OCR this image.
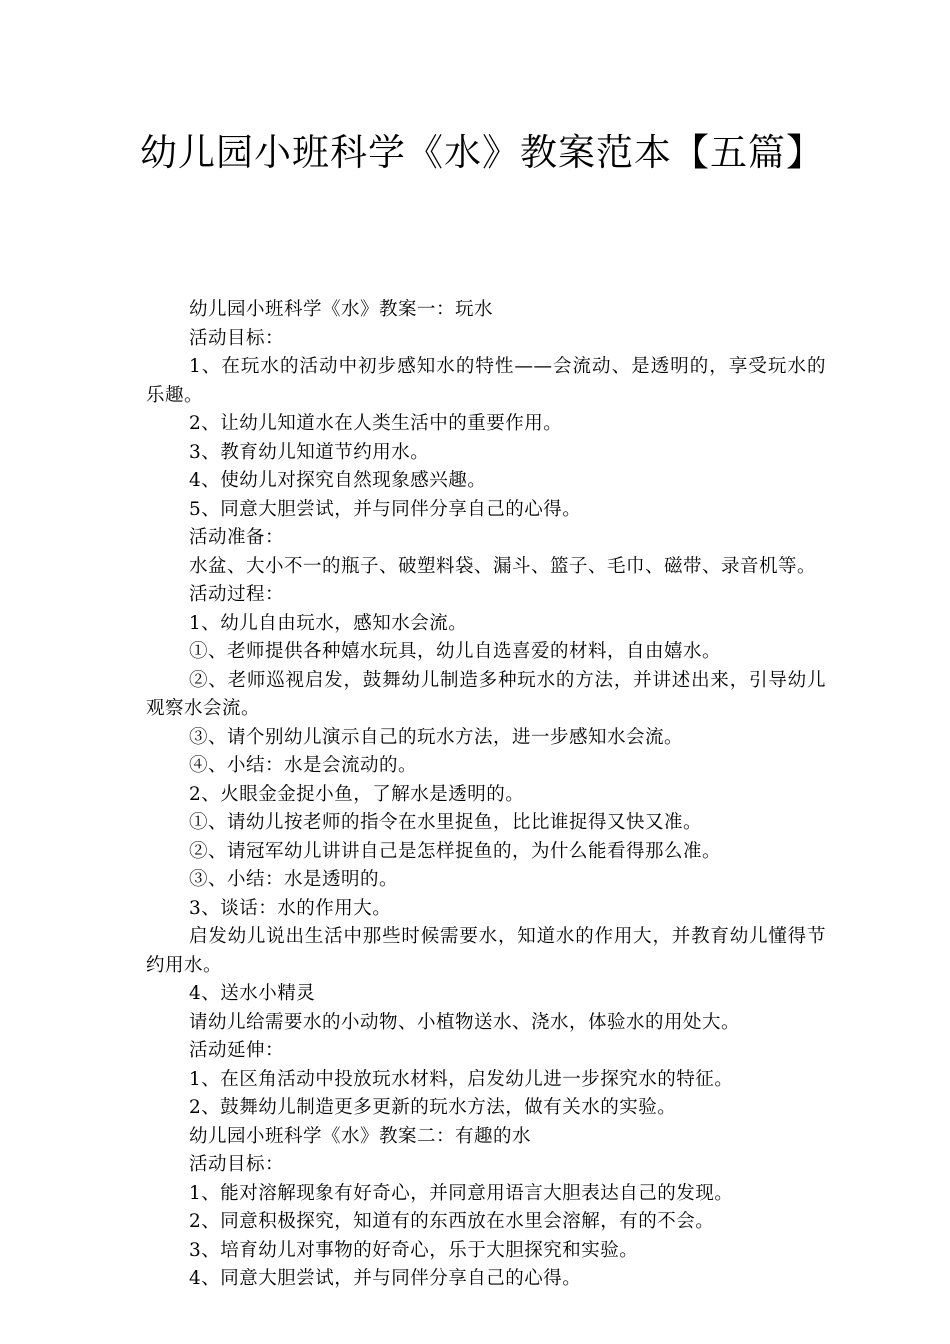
幼儿园小班科学《水》教案范本【五篇】

幼儿园小班科学《水》教案一：玩水

活动目标：

1、在玩水的活动中初步感知水的特性——会流动、是透明的，享受玩水的乐趣。

2、让幼儿知道水在人类生活中的重要作用。

3、教育幼儿知道节约用水。

4、使幼儿对探究自然现象感兴趣。

5、同意大胆尝试，并与同伴分享自己的心得。

活动准备：

水盆、大小不一的瓶子、破塑料袋、漏斗、篮子、毛巾、磁带、录音机等。

活动过程：

1、幼儿自由玩水，感知水会流。

①、老师提供各种嬉水玩具，幼儿自选喜爱的材料，自由嬉水。

②、老师巡视启发，鼓舞幼儿制造多种玩水的方法，并讲述出来，引导幼儿观察水会流。

③、请个别幼儿演示自己的玩水方法，进一步感知水会流。

④、小结：水是会流动的。

2、火眼金金捉小鱼，了解水是透明的。

①、请幼儿按老师的指令在水里捉鱼，比比谁捉得又快又准。

②、请冠军幼儿讲讲自己是怎样捉鱼的，为什么能看得那么准。

③、小结：水是透明的。

3、谈话：水的作用大。

启发幼儿说出生活中那些时候需要水，知道水的作用大，并教育幼儿懂得节约用水。

4、送水小精灵

请幼儿给需要水的小动物、小植物送水、浇水，体验水的用处大。

活动延伸：

1、在区角活动中投放玩水材料，启发幼儿进一步探究水的特征。

2、鼓舞幼儿制造更多更新的玩水方法，做有关水的实验。

幼儿园小班科学《水》教案二：有趣的水

活动目标：

1、能对溶解现象有好奇心，并同意用语言大胆表达自己的发现。

2、同意积极探究，知道有的东西放在水里会溶解，有的不会。

3、培育幼儿对事物的好奇心，乐于大胆探究和实验。

4、同意大胆尝试，并与同伴分享自己的心得。
